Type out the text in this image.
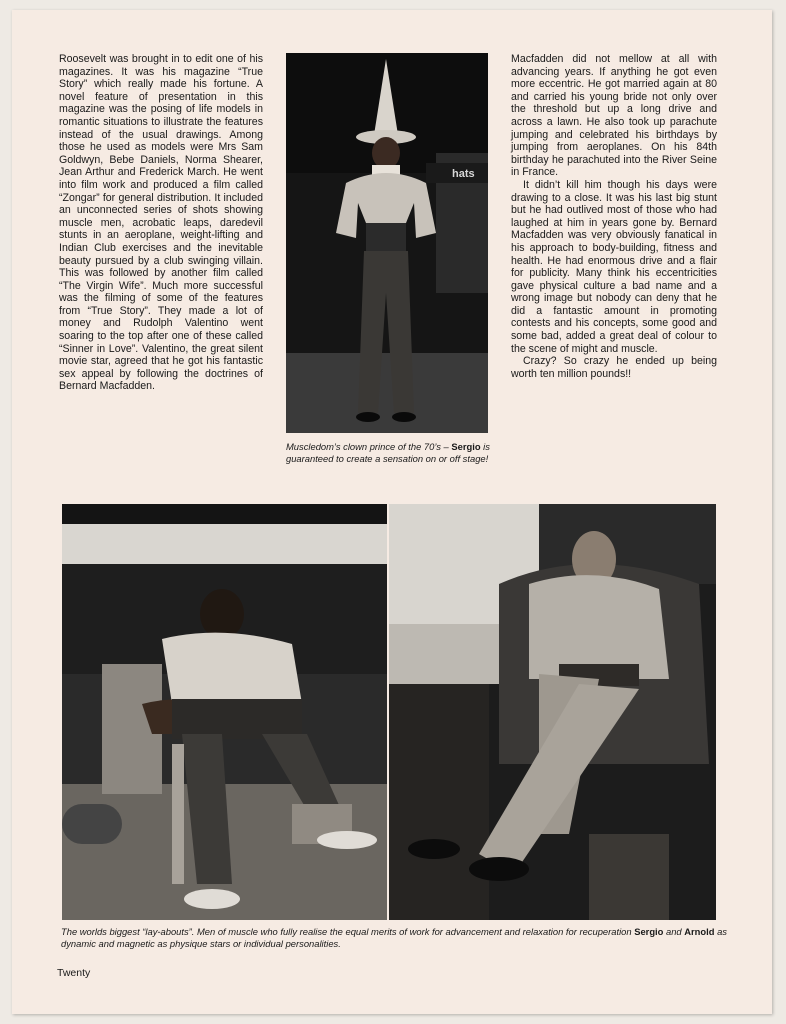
Roosevelt was brought in to edit one of his magazines. It was his magazine “True Story” which really made his fortune. A novel feature of presentation in this magazine was the posing of life models in romantic situations to illustrate the features instead of the usual drawings. Among those he used as models were Mrs Sam Goldwyn, Bebe Daniels, Norma Shearer, Jean Arthur and Frederick March. He went into film work and produced a film called “Zongar” for general distribution. It included an unconnected series of shots showing muscle men, acrobatic leaps, daredevil stunts in an aeroplane, weight-lifting and Indian Club exercises and the inevitable beauty pursued by a club swinging villain. This was followed by another film called “The Virgin Wife”. Much more successful was the filming of some of the features from “True Story”. They made a lot of money and Rudolph Valentino went soaring to the top after one of these called “Sinner in Love”. Valentino, the great silent movie star, agreed that he got his fantastic sex appeal by following the doctrines of Bernard Macfadden.

hats
Muscledom’s clown prince of the 70’s – Sergio is guaranteed to create a sensation on or off stage!

Macfadden did not mellow at all with advancing years. If anything he got even more eccentric. He got married again at 80 and carried his young bride not only over the threshold but up a long drive and across a lawn. He also took up parachute jumping and celebrated his birthdays by jumping from aeroplanes. On his 84th birthday he parachuted into the River Seine in France.

It didn’t kill him though his days were drawing to a close. It was his last big stunt but he had outlived most of those who had laughed at him in years gone by. Bernard Macfadden was very obviously fanatical in his approach to body-building, fitness and health. He had enormous drive and a flair for publicity. Many think his eccentricities gave physical culture a bad name and a wrong image but nobody can deny that he did a fantastic amount in promoting contests and his concepts, some good and some bad, added a great deal of colour to the scene of might and muscle.

Crazy? So crazy he ended up being worth ten million pounds!!

The worlds biggest “lay-abouts”. Men of muscle who fully realise the equal merits of work for advancement and relaxation for recuperation Sergio and Arnold as dynamic and magnetic as physique stars or individual personalities.
Twenty
